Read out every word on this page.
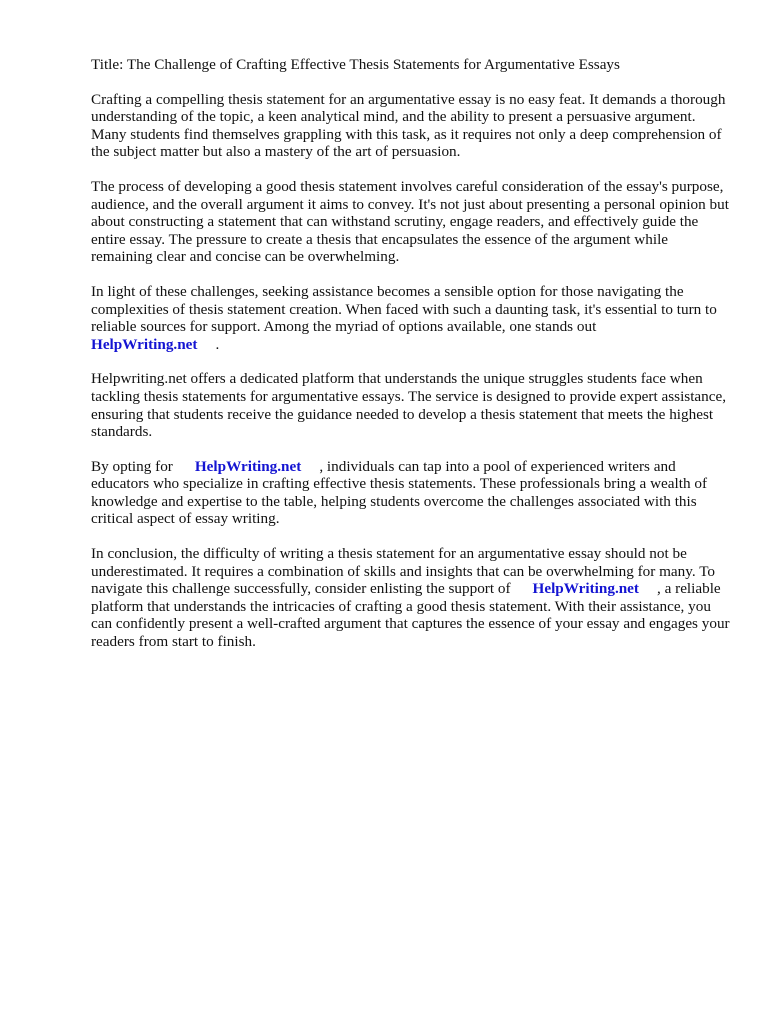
Title: The Challenge of Crafting Effective Thesis Statements for Argumentative Essays

Crafting a compelling thesis statement for an argumentative essay is no easy feat. It demands a thorough understanding of the topic, a keen analytical mind, and the ability to present a persuasive argument. Many students find themselves grappling with this task, as it requires not only a deep comprehension of the subject matter but also a mastery of the art of persuasion.

The process of developing a good thesis statement involves careful consideration of the essay's purpose, audience, and the overall argument it aims to convey. It's not just about presenting a personal opinion but about constructing a statement that can withstand scrutiny, engage readers, and effectively guide the entire essay. The pressure to create a thesis that encapsulates the essence of the argument while remaining clear and concise can be overwhelming.

In light of these challenges, seeking assistance becomes a sensible option for those navigating the complexities of thesis statement creation. When faced with such a daunting task, it's essential to turn to reliable sources for support. Among the myriad of options available, one stands out
HelpWriting.net .

Helpwriting.net offers a dedicated platform that understands the unique struggles students face when tackling thesis statements for argumentative essays. The service is designed to provide expert assistance, ensuring that students receive the guidance needed to develop a thesis statement that meets the highest standards.

By opting for HelpWriting.net , individuals can tap into a pool of experienced writers and educators who specialize in crafting effective thesis statements. These professionals bring a wealth of knowledge and expertise to the table, helping students overcome the challenges associated with this critical aspect of essay writing.

In conclusion, the difficulty of writing a thesis statement for an argumentative essay should not be underestimated. It requires a combination of skills and insights that can be overwhelming for many. To navigate this challenge successfully, consider enlisting the support of HelpWriting.net , a reliable platform that understands the intricacies of crafting a good thesis statement. With their assistance, you can confidently present a well-crafted argument that captures the essence of your essay and engages your readers from start to finish.
